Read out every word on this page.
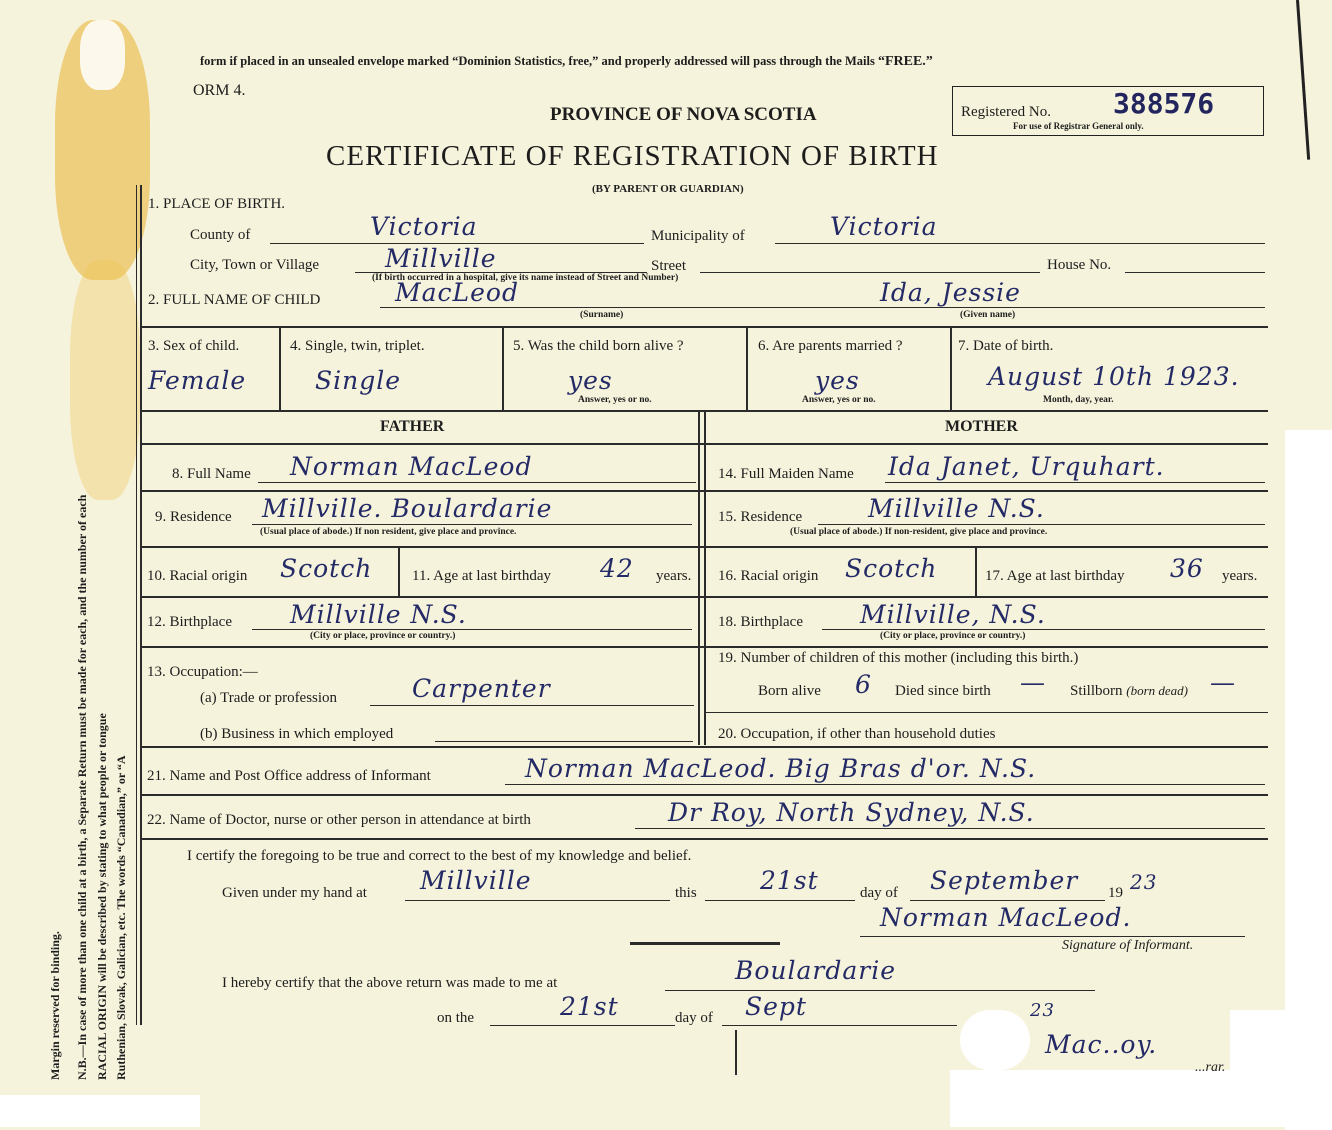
form if placed in an unsealed envelope marked “Dominion Statistics, free,” and properly addressed will pass through the Mails “FREE.”
ORM 4.
PROVINCE OF NOVA SCOTIA	Registered No. 388576
For use of Registrar General only.
CERTIFICATE OF REGISTRATION OF BIRTH
(BY PARENT OR GUARDIAN)
1. PLACE OF BIRTH.
County of	Victoria	Municipality of	Victoria
City, Town or Village	Millville	Street	House No.
(If birth occurred in a hospital, give its name instead of Street and Number)
2. FULL NAME OF CHILD	MacLeod	Ida, Jessie
(Surname)	(Given name)
3. Sex of child.
Female
4. Single, twin, triplet.
Single
5. Was the child born alive ?
yes
Answer, yes or no.
6. Are parents married ?
yes
Answer, yes or no.
7. Date of birth.
August 10th 1923.
Month, day, year.
FATHER	MOTHER
8. Full Name Norman MacLeod	14. Full Maiden Name Ida Janet, Urquhart.
9. Residence Millville. Boulardarie
(Usual place of abode.) If non resident, give place and province.
15. Residence	Millville N.S.
(Usual place of abode.) If non-resident, give place and province.
10. Racial origin Scotch	11. Age at last birthday 42 years. 16. Racial origin Scotch	17. Age at last birthday 36 years.
12. Birthplace Millville N.S.
(City or place, province or country.)
18. Birthplace Millville, N.S.
(City or place, province or country.)
13. Occupation:—
(a) Trade or profession	Carpenter
(b) Business in which employed
19. Number of children of this mother (including this birth.)
Born alive 6 Died since birth — Stillborn (born dead) —
20. Occupation, if other than household duties
21. Name and Post Office address of Informant	Norman MacLeod. Big Bras d'or. N.S.
22. Name of Doctor, nurse or other person in attendance at birth	Dr Roy, North Sydney, N.S.
I certify the foregoing to be true and correct to the best of my knowledge and belief.
Given under my hand at Millville	this	21st	day of September 19 23
Norman MacLeod.
Signature of Informant.
I hereby certify that the above return was made to me at	Boulardarie
on the	21st	day of Sept	23
Mac..oy.
...rar.
Margin reserved for binding. N.B.—In case of more than one child at a birth, a Separate Return must be made for each, and the number of each RACIAL ORIGIN will be described by stating to what people or tongue Ruthenian, Slovak, Galician, etc. The words “Canadian,” or “A
